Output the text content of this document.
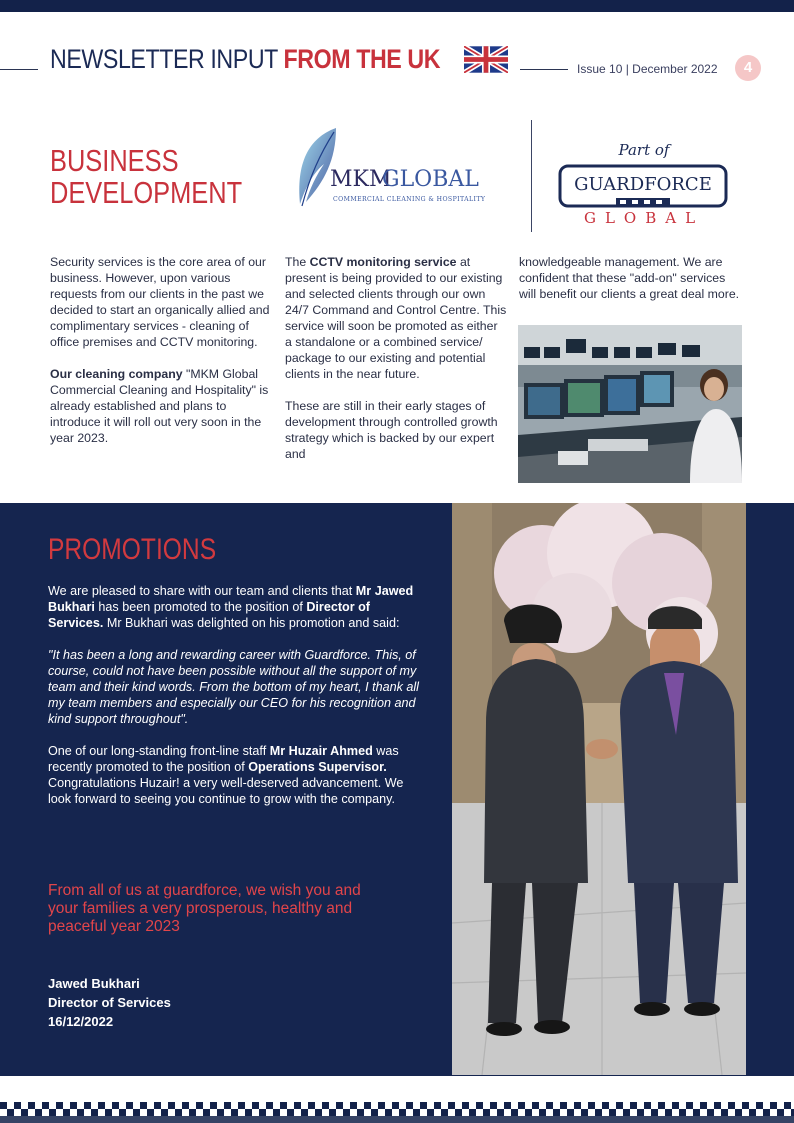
NEWSLETTER INPUT FROM THE UK	Issue 10 | December 2022	4
BUSINESS
DEVELOPMENT	MKM
GLOBAL
COMMERCIAL CLEANING & HOSPITALITY
Part of
GUARDFORCE
GLOBAL

Security services is the core area of our business. However, upon various requests from our clients in the past we decided to start an organically allied and complimentary services - cleaning of office premises and CCTV monitoring.

Our cleaning company "MKM Global Commercial Cleaning and Hospitality" is already established and plans to introduce it will roll out very soon in the year 2023.

The CCTV monitoring service at present is being provided to our existing and selected clients through our own 24/7 Command and Control Centre. This service will soon be promoted as either a standalone or a combined service/ package to our existing and potential clients in the near future.

These are still in their early stages of development through controlled growth strategy which is backed by our expert and

knowledgeable management. We are confident that these "add-on" services will benefit our clients a great deal more.

PROMOTIONS

We are pleased to share with our team and clients that Mr Jawed Bukhari has been promoted to the position of Director of Services. Mr Bukhari was delighted on his promotion and said:

"It has been a long and rewarding career with Guardforce. This, of course, could not have been possible without all the support of my team and their kind words. From the bottom of my heart, I thank all my team members and especially our CEO for his recognition and kind support throughout".

One of our long-standing front-line staff Mr Huzair Ahmed was recently promoted to the position of Operations Supervisor. Congratulations Huzair! a very well-deserved advancement. We look forward to seeing you continue to grow with the company.

From all of us at guardforce, we wish you and your families a very prosperous, healthy and peaceful year 2023
Jawed Bukhari
Director of Services
16/12/2022
